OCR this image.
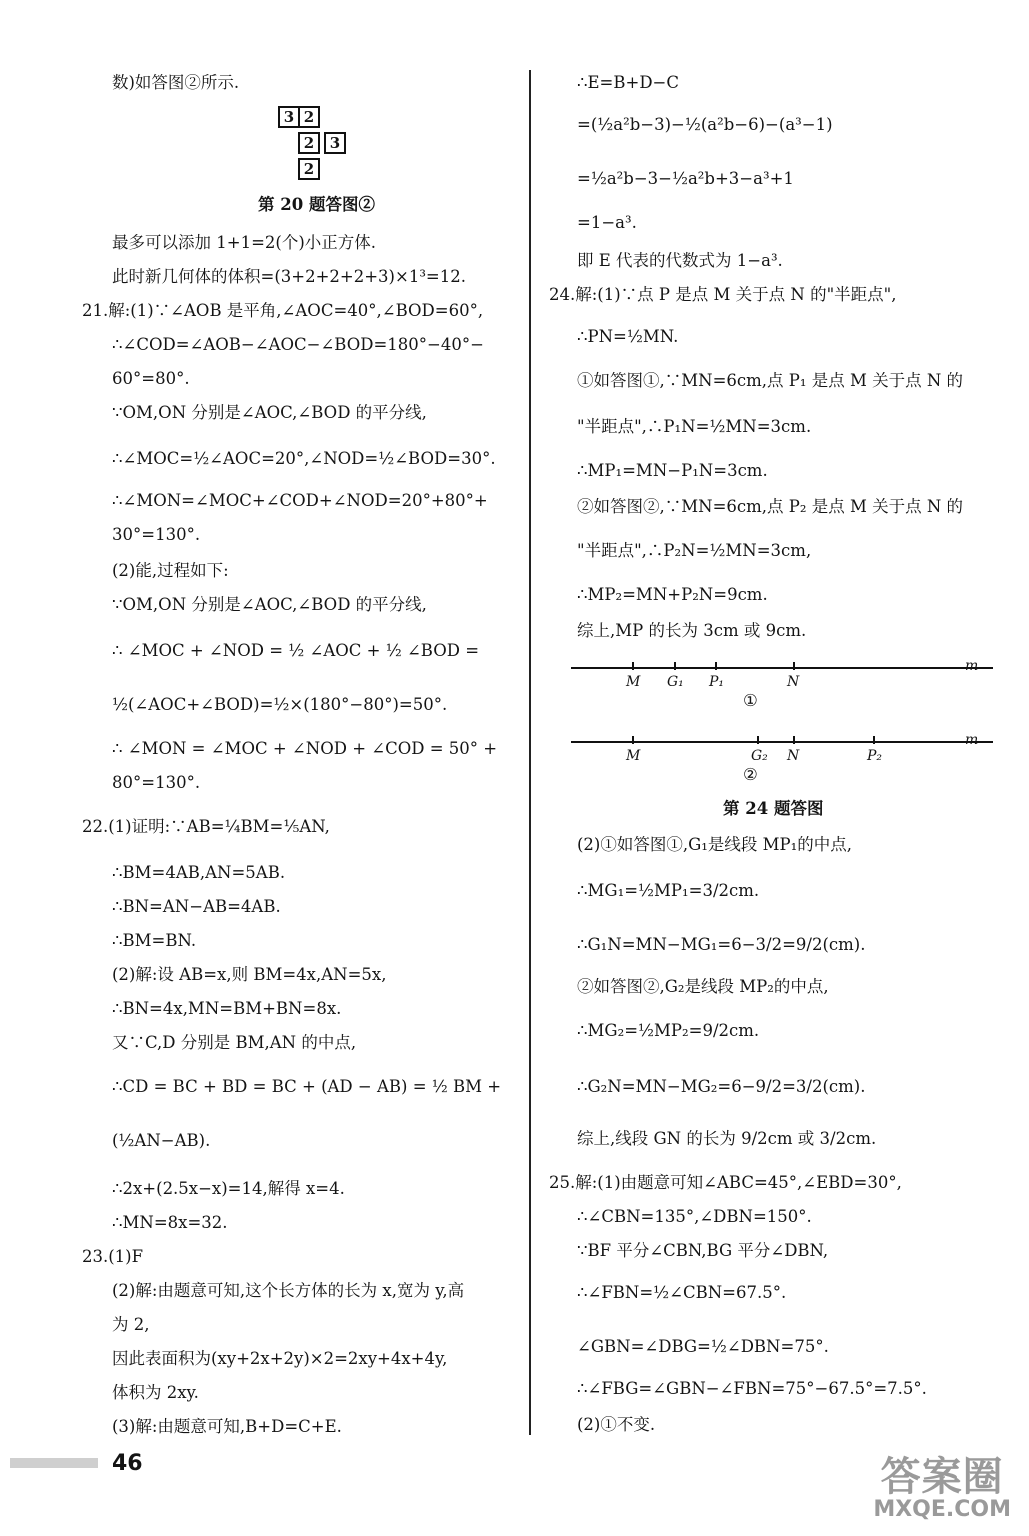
数)如答图②所示.
3 2
2	3
2
第 20 题答图②
最多可以添加 1+1=2(个)小正方体.
此时新几何体的体积=(3+2+2+2+3)×1³=12.
21.解:(1)∵∠AOB 是平角,∠AOC=40°,∠BOD=60°,
∴∠COD=∠AOB−∠AOC−∠BOD=180°−40°−
60°=80°.
∵OM,ON 分别是∠AOC,∠BOD 的平分线,
∴∠MOC=½∠AOC=20°,∠NOD=½∠BOD=30°.
∴∠MON=∠MOC+∠COD+∠NOD=20°+80°+
30°=130°.
(2)能,过程如下:
∵OM,ON 分别是∠AOC,∠BOD 的平分线,
∴ ∠MOC + ∠NOD = ½ ∠AOC + ½ ∠BOD =
½(∠AOC+∠BOD)=½×(180°−80°)=50°.
∴ ∠MON = ∠MOC + ∠NOD + ∠COD = 50° +
80°=130°.
22.(1)证明:∵AB=¼BM=⅕AN,
∴BM=4AB,AN=5AB.
∴BN=AN−AB=4AB.
∴BM=BN.
(2)解:设 AB=x,则 BM=4x,AN=5x,
∴BN=4x,MN=BM+BN=8x.
又∵C,D 分别是 BM,AN 的中点,
∴CD = BC + BD = BC + (AD − AB) = ½ BM +
(½AN−AB).
∴2x+(2.5x−x)=14,解得 x=4.
∴MN=8x=32.
23.(1)F
(2)解:由题意可知,这个长方体的长为 x,宽为 y,高
为 2,
因此表面积为(xy+2x+2y)×2=2xy+4x+4y,
体积为 2xy.
(3)解:由题意可知,B+D=C+E.
∴E=B+D−C
=(½a²b−3)−½(a²b−6)−(a³−1)
=½a²b−3−½a²b+3−a³+1
=1−a³.
即 E 代表的代数式为 1−a³.
24.解:(1)∵点 P 是点 M 关于点 N 的"半距点",
∴PN=½MN.
①如答图①,∵MN=6cm,点 P₁ 是点 M 关于点 N 的
"半距点",∴P₁N=½MN=3cm.
∴MP₁=MN−P₁N=3cm.
②如答图②,∵MN=6cm,点 P₂ 是点 M 关于点 N 的
"半距点",∴P₂N=½MN=3cm,
∴MP₂=MN+P₂N=9cm.
综上,MP 的长为 3cm 或 9cm.
m
M G₁ P₁	N
①
m
M	G₂ N	P₂
②
第 24 题答图
(2)①如答图①,G₁是线段 MP₁的中点,
∴MG₁=½MP₁=3/2cm.
∴G₁N=MN−MG₁=6−3/2=9/2(cm).
②如答图②,G₂是线段 MP₂的中点,
∴MG₂=½MP₂=9/2cm.
∴G₂N=MN−MG₂=6−9/2=3/2(cm).
综上,线段 GN 的长为 9/2cm 或 3/2cm.
25.解:(1)由题意可知∠ABC=45°,∠EBD=30°,
∴∠CBN=135°,∠DBN=150°.
∵BF 平分∠CBN,BG 平分∠DBN,
∴∠FBN=½∠CBN=67.5°.
∠GBN=∠DBG=½∠DBN=75°.
∴∠FBG=∠GBN−∠FBN=75°−67.5°=7.5°.
(2)①不变.
46	答案圈
MXQE.COM
